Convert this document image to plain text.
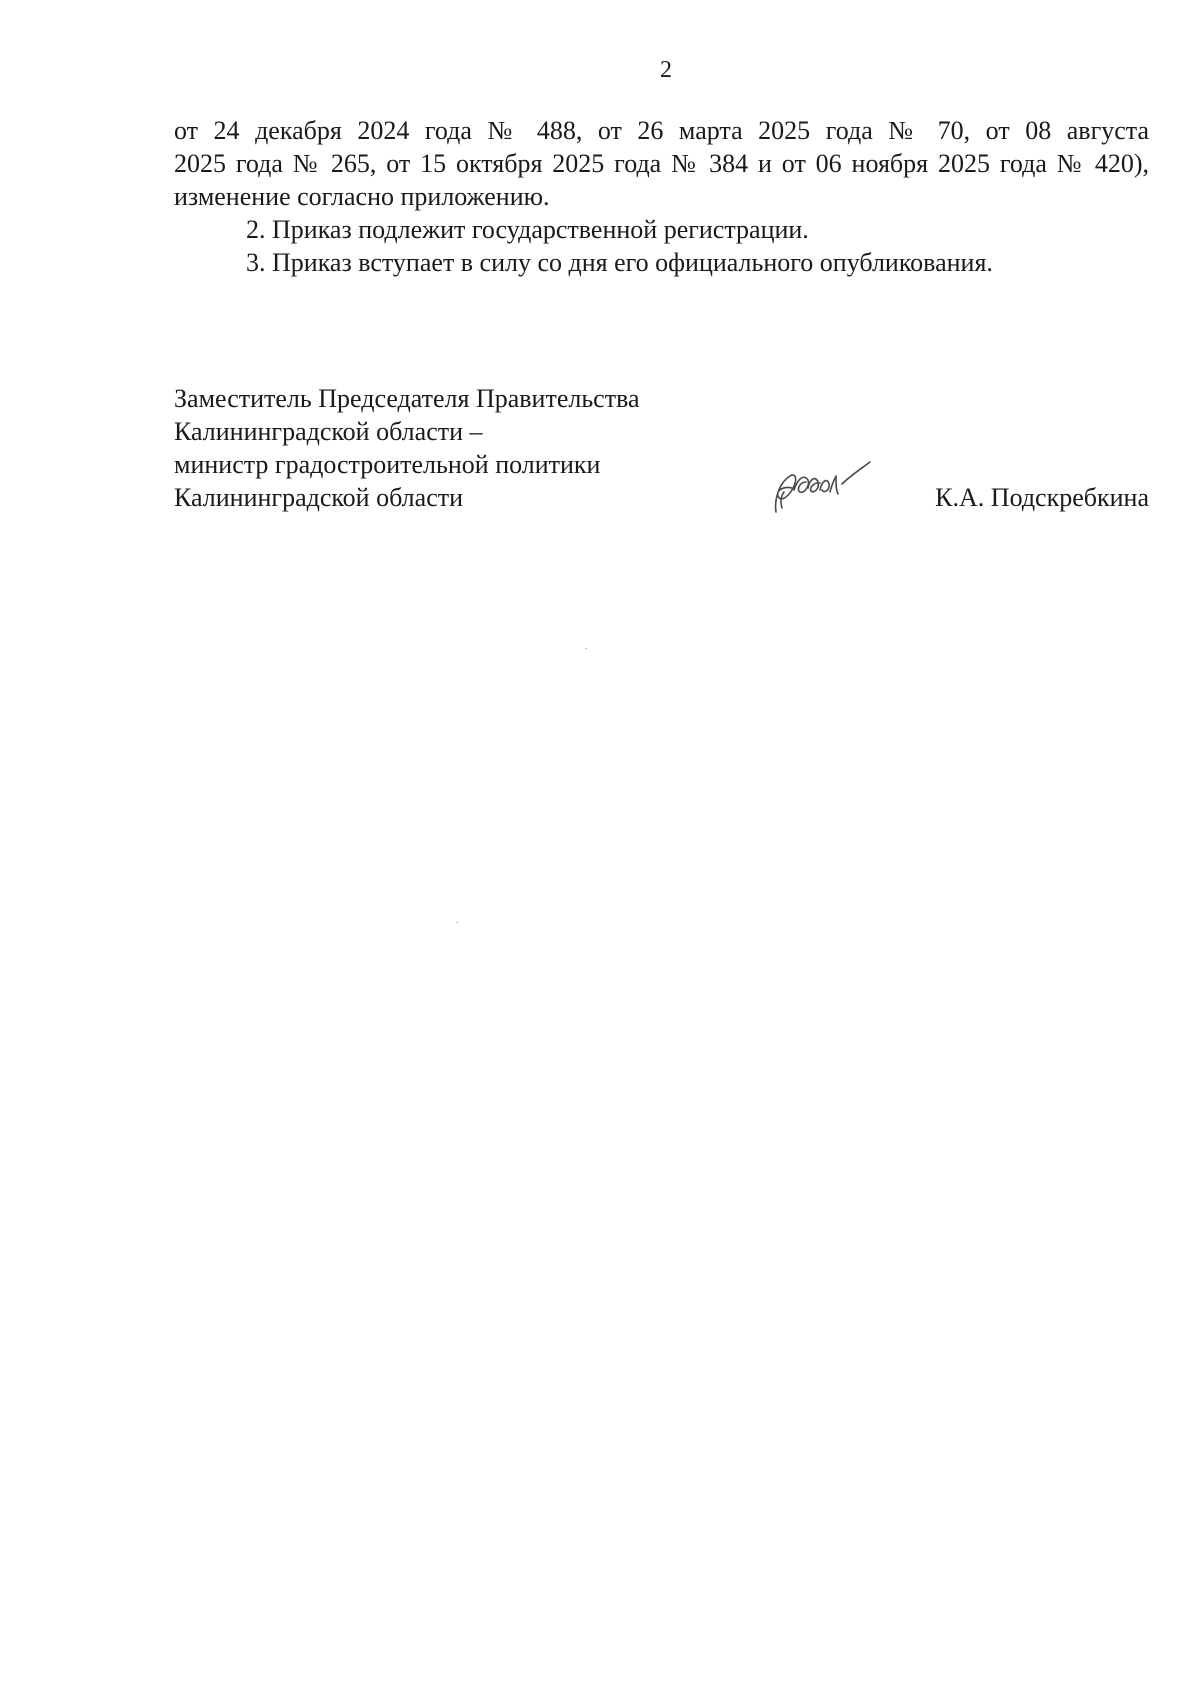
2
от 24 декабря 2024 года № 488, от 26 марта 2025 года № 70, от 08 августа
2025 года № 265, от 15 октября 2025 года № 384 и от 06 ноября 2025 года № 420),
изменение согласно приложению.
2. Приказ подлежит государственной регистрации.
3. Приказ вступает в силу со дня его официального опубликования.
Заместитель Председателя Правительства
Калининградской области –
министр градостроительной политики
Калининградской области	К.А. Подскребкина
